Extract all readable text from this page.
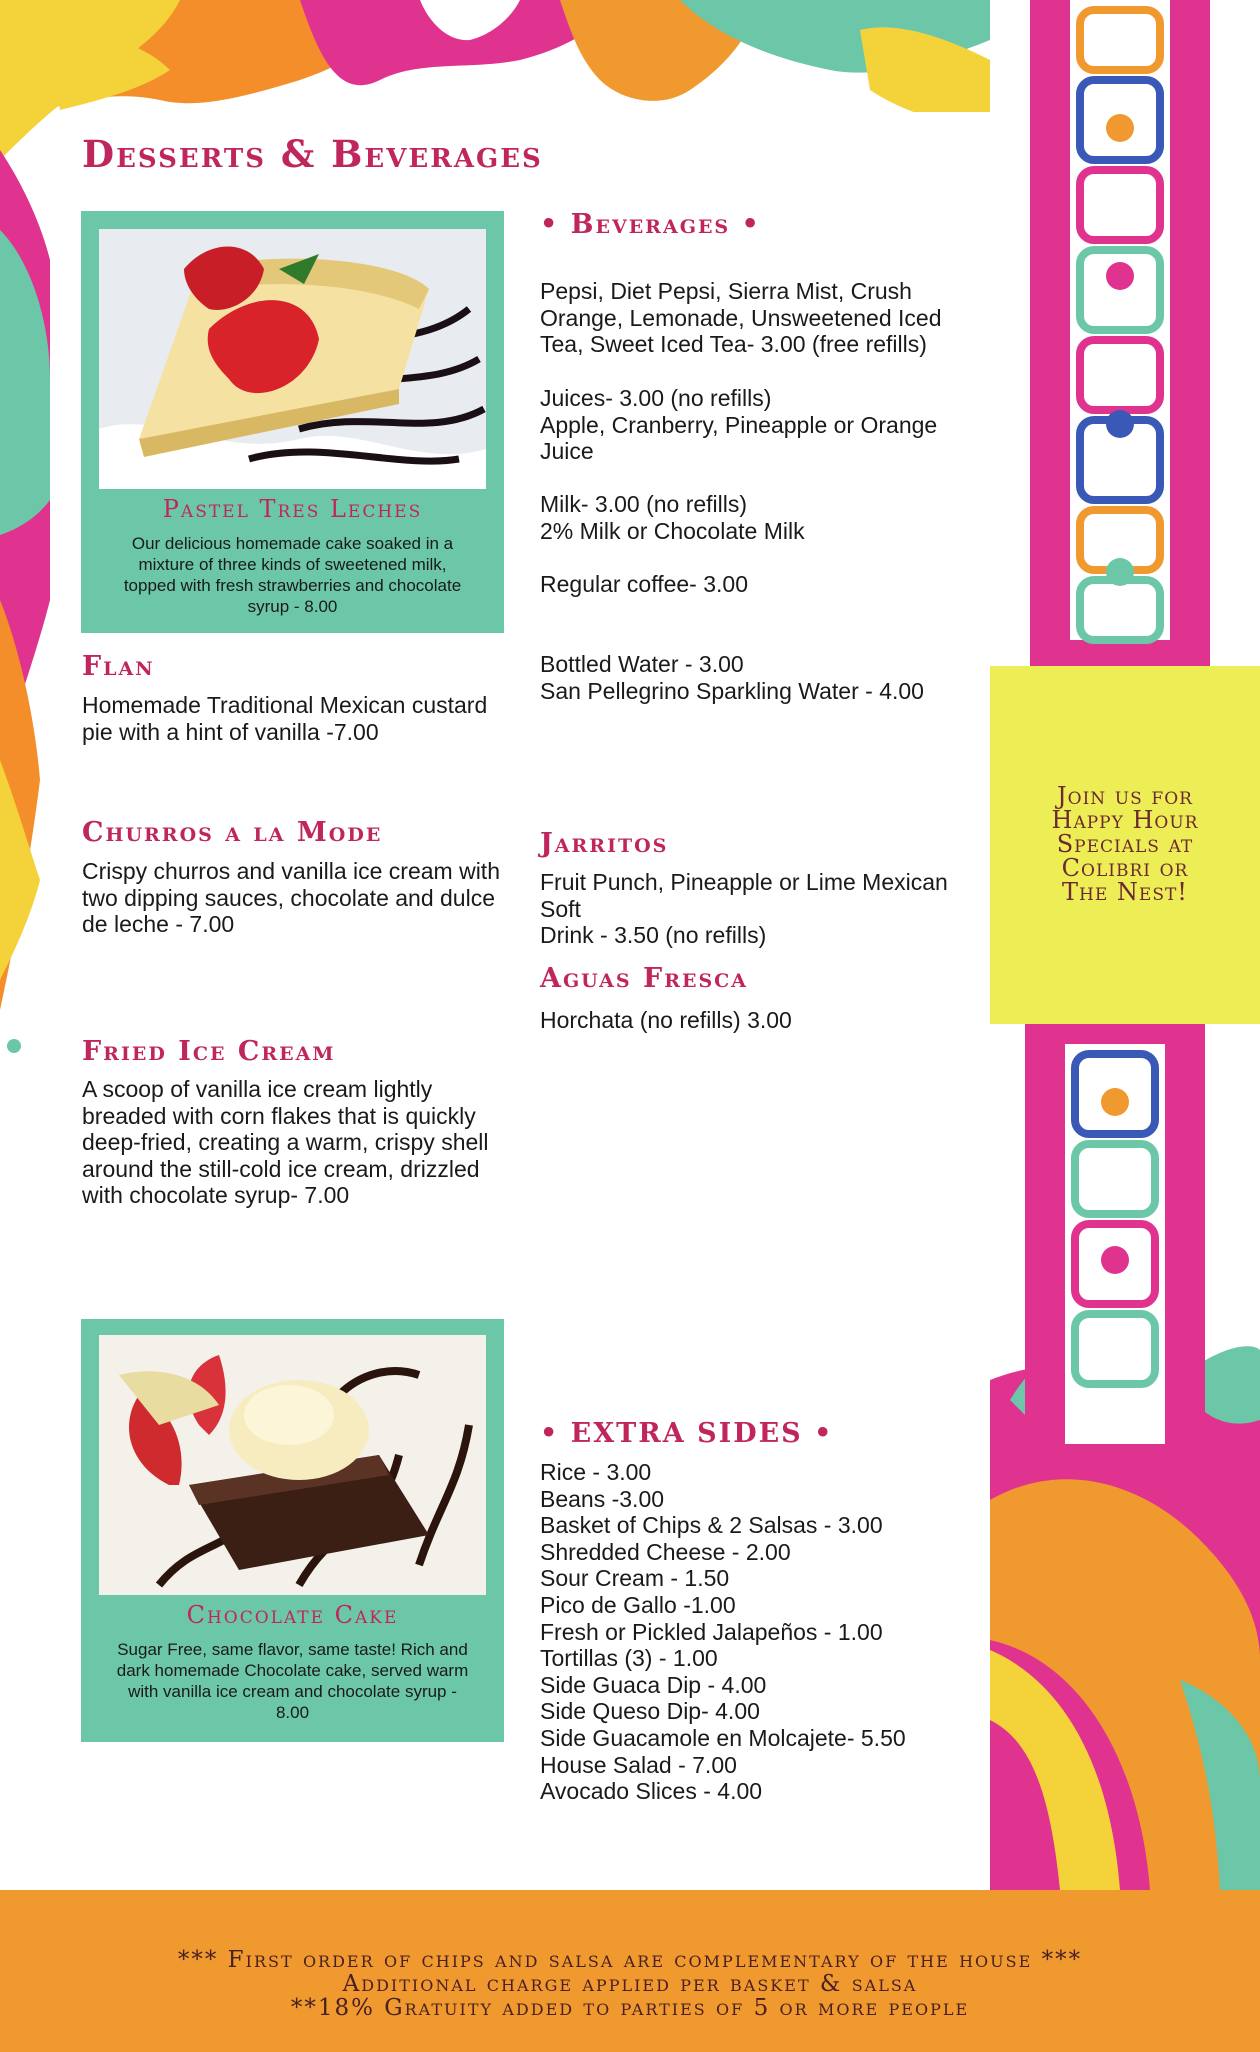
Join us for
Happy Hour
Specials at
Colibri or
The Nest!
Desserts & Beverages
Pastel Tres Leches
Our delicious homemade cake soaked in a mixture of three kinds of sweetened milk, topped with fresh strawberries and chocolate syrup - 8.00
Flan
Homemade Traditional Mexican custard pie with a hint of vanilla -7.00
Churros a la Mode
Crispy churros and vanilla ice cream with two dipping sauces, chocolate and dulce de leche - 7.00
Fried Ice Cream
A scoop of vanilla ice cream lightly breaded with corn flakes that is quickly deep-fried, creating a warm, crispy shell around the still-cold ice cream, drizzled with chocolate syrup- 7.00
Chocolate Cake
Sugar Free, same flavor, same taste! Rich and dark homemade Chocolate cake, served warm with vanilla ice cream and chocolate syrup - 8.00
• Beverages •
Pepsi, Diet Pepsi, Sierra Mist, Crush Orange, Lemonade, Unsweetened Iced Tea, Sweet Iced Tea- 3.00 (free refills)
Juices- 3.00 (no refills)
Apple, Cranberry, Pineapple or Orange Juice
Milk- 3.00 (no refills)
2% Milk or Chocolate Milk
Regular coffee- 3.00
Bottled Water - 3.00
San Pellegrino Sparkling Water - 4.00
Jarritos
Fruit Punch, Pineapple or Lime Mexican Soft
Drink - 3.50 (no refills)
Aguas Fresca
Horchata (no refills) 3.00
• EXTRA SIDES •
Rice - 3.00
Beans -3.00
Basket of Chips & 2 Salsas - 3.00
Shredded Cheese - 2.00
Sour Cream - 1.50
Pico de Gallo -1.00
Fresh or Pickled Jalapeños - 1.00
Tortillas (3) - 1.00
Side Guaca Dip - 4.00
Side Queso Dip- 4.00
Side Guacamole en Molcajete- 5.50
House Salad - 7.00
Avocado Slices - 4.00
*** First order of chips and salsa are complementary of the house ***
Additional charge applied per basket & salsa
**18% Gratuity added to parties of 5 or more people
